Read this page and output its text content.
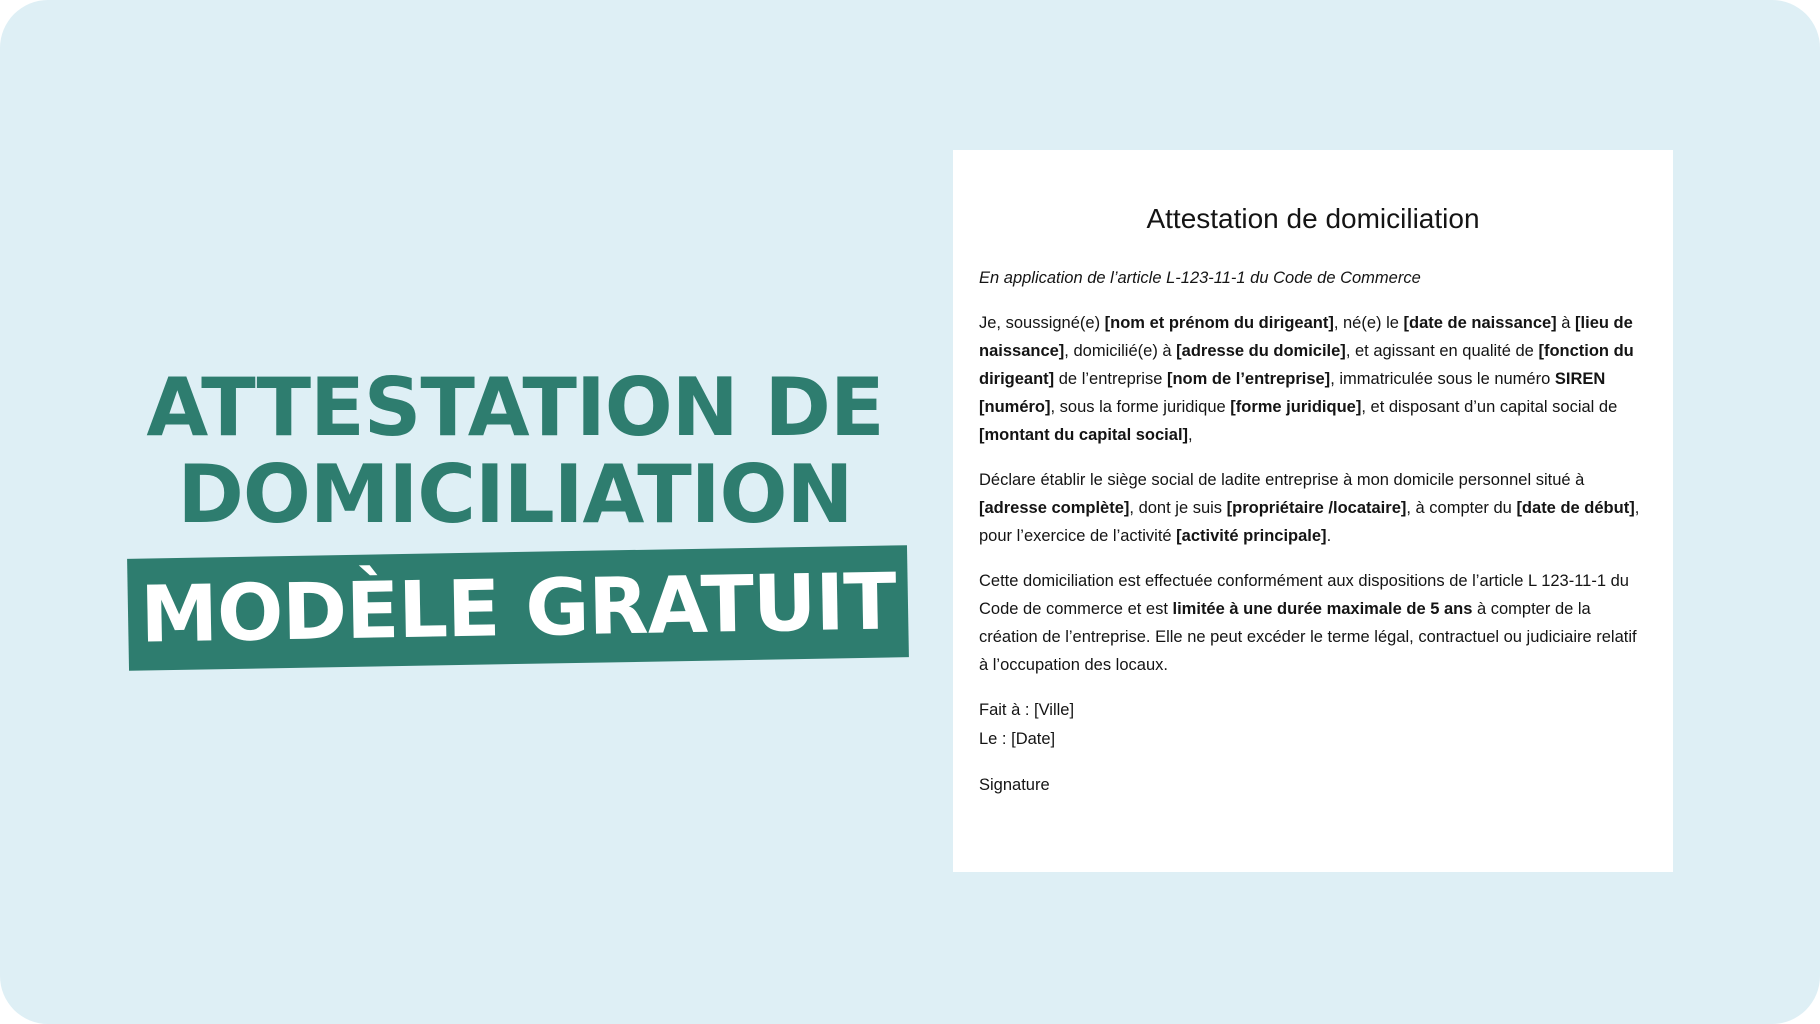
ATTESTATION DE
DOMICILIATION
MODÈLE GRATUIT
Attestation de domiciliation

En application de l’article L-123-11-1 du Code de Commerce

Je, soussigné(e) [nom et prénom du dirigeant], né(e) le [date de naissance] à [lieu de naissance], domicilié(e) à [adresse du domicile], et agissant en qualité de [fonction du dirigeant] de l’entreprise [nom de l’entreprise], immatriculée sous le numéro SIREN [numéro], sous la forme juridique [forme juridique], et disposant d’un capital social de [montant du capital social],

Déclare établir le siège social de ladite entreprise à mon domicile personnel situé à [adresse complète], dont je suis [propriétaire /locataire], à compter du [date de début], pour l’exercice de l’activité [activité principale].

Cette domiciliation est effectuée conformément aux dispositions de l’article L 123-11-1 du Code de commerce et est limitée à une durée maximale de 5 ans à compter de la création de l’entreprise. Elle ne peut excéder le terme légal, contractuel ou judiciaire relatif à l’occupation des locaux.

Fait à : [Ville]

Le : [Date]

Signature
